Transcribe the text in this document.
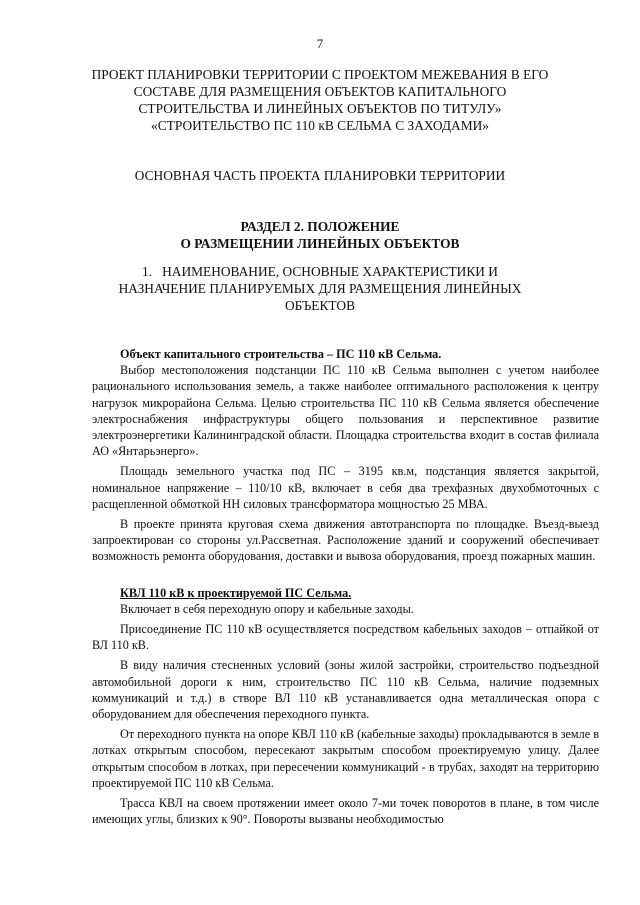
7
ПРОЕКТ ПЛАНИРОВКИ ТЕРРИТОРИИ С ПРОЕКТОМ МЕЖЕВАНИЯ В ЕГО
СОСТАВЕ ДЛЯ РАЗМЕЩЕНИЯ ОБЪЕКТОВ КАПИТАЛЬНОГО
СТРОИТЕЛЬСТВА И ЛИНЕЙНЫХ ОБЪЕКТОВ ПО ТИТУЛУ»
«СТРОИТЕЛЬСТВО ПС 110 кВ СЕЛЬМА С ЗАХОДАМИ»
ОСНОВНАЯ ЧАСТЬ ПРОЕКТА ПЛАНИРОВКИ ТЕРРИТОРИИ
РАЗДЕЛ 2. ПОЛОЖЕНИЕ
О РАЗМЕЩЕНИИ ЛИНЕЙНЫХ ОБЪЕКТОВ
1.   НАИМЕНОВАНИЕ, ОСНОВНЫЕ ХАРАКТЕРИСТИКИ И
НАЗНАЧЕНИЕ ПЛАНИРУЕМЫХ ДЛЯ РАЗМЕЩЕНИЯ ЛИНЕЙНЫХ
ОБЪЕКТОВ

Объект капитального строительства – ПС 110 кВ Сельма.

Выбор местоположения подстанции ПС 110 кВ Сельма выполнен с учетом наиболее рационального использования земель, а также наиболее оптимального расположения к центру нагрузок микрорайона Сельма. Целью строительства ПС 110 кВ Сельма является обеспечение электроснабжения инфраструктуры общего пользования и перспективное развитие электроэнергетики Калининградской области. Площадка строительства входит в состав филиала АО «Янтарьэнерго».

Площадь земельного участка под ПС – 3195 кв.м, подстанция является закрытой, номинальное напряжение – 110/10 кВ, включает в себя два трехфазных двухобмоточных с расщепленной обмоткой НН силовых трансформатора мощностью 25 МВА.

В проекте принята круговая схема движения автотранспорта по площадке. Въезд-выезд запроектирован со стороны ул.Рассветная. Расположение зданий и сооружений обеспечивает возможность ремонта оборудования, доставки и вывоза оборудования, проезд пожарных машин.

КВЛ 110 кВ к проектируемой ПС Сельма.

Включает в себя переходную опору и кабельные заходы.

Присоединение ПС 110 кВ осуществляется посредством кабельных заходов – отпайкой от ВЛ 110 кВ.

В виду наличия стесненных условий (зоны жилой застройки, строительство подъездной автомобильной дороги к ним, строительство ПС 110 кВ Сельма, наличие подземных коммуникаций и т.д.) в створе ВЛ 110 кВ устанавливается одна металлическая опора с оборудованием для обеспечения переходного пункта.

От переходного пункта на опоре КВЛ 110 кВ (кабельные заходы) прокладываются в земле в лотках открытым способом, пересекают закрытым способом проектируемую улицу. Далее открытым способом в лотках, при пересечении коммуникаций - в трубах, заходят на территорию проектируемой ПС 110 кВ Сельма.

Трасса КВЛ на своем протяжении имеет около 7-ми точек поворотов в плане, в том числе имеющих углы, близких к 90°. Повороты вызваны необходимостью
